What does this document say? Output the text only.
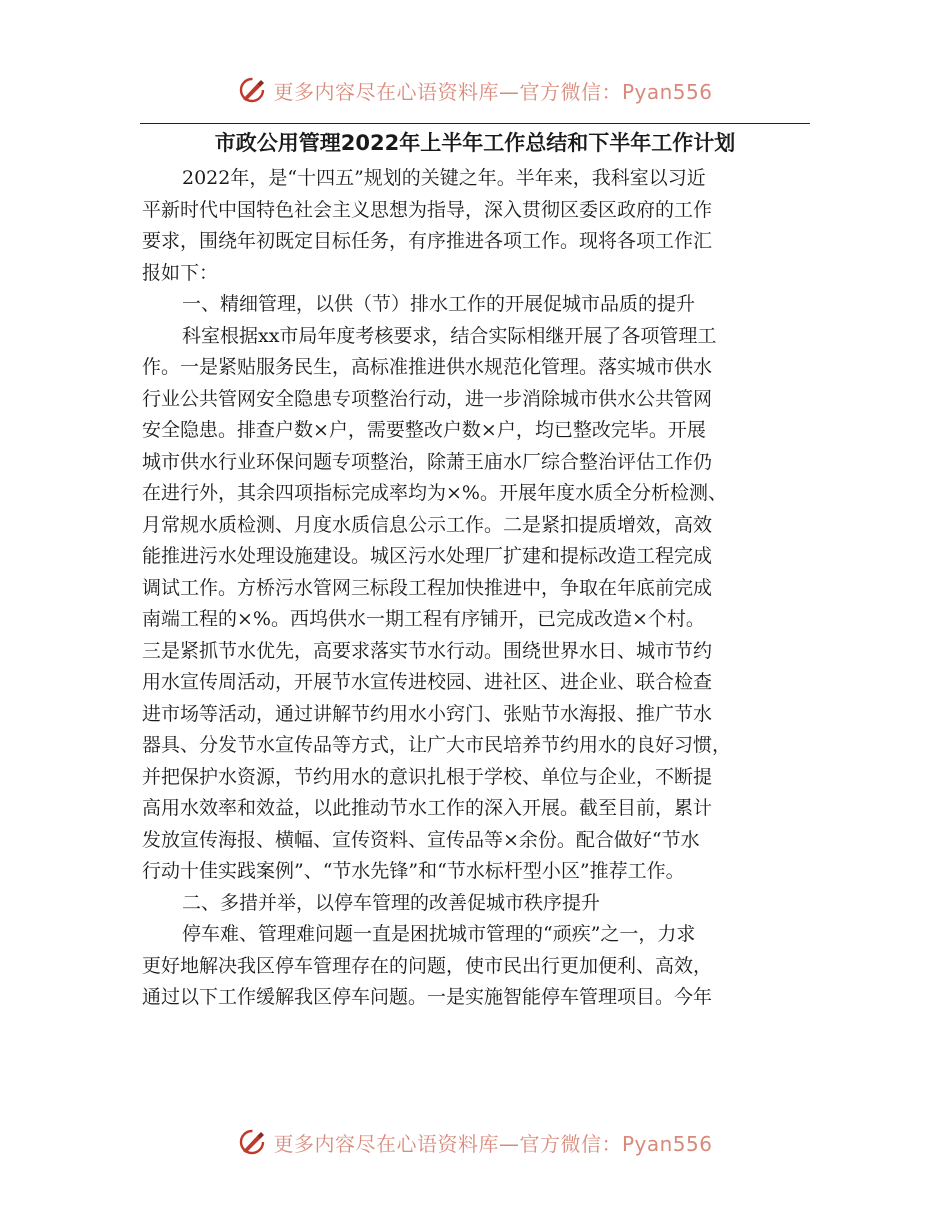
更多内容尽在心语资料库—官方微信：Pyan556
市政公用管理2022年上半年工作总结和下半年工作计划
2022年，是“十四五”规划的关键之年。半年来，我科室以习近
平新时代中国特色社会主义思想为指导，深入贯彻区委区政府的工作
要求，围绕年初既定目标任务，有序推进各项工作。现将各项工作汇
报如下：
一、精细管理，以供（节）排水工作的开展促城市品质的提升
科室根据xx市局年度考核要求，结合实际相继开展了各项管理工
作。一是紧贴服务民生，高标准推进供水规范化管理。落实城市供水
行业公共管网安全隐患专项整治行动，进一步消除城市供水公共管网
安全隐患。排查户数×户，需要整改户数×户，均已整改完毕。开展
城市供水行业环保问题专项整治，除萧王庙水厂综合整治评估工作仍
在进行外，其余四项指标完成率均为×%。开展年度水质全分析检测、
月常规水质检测、月度水质信息公示工作。二是紧扣提质增效，高效
能推进污水处理设施建设。城区污水处理厂扩建和提标改造工程完成
调试工作。方桥污水管网三标段工程加快推进中，争取在年底前完成
南端工程的×%。西坞供水一期工程有序铺开，已完成改造×个村。
三是紧抓节水优先，高要求落实节水行动。围绕世界水日、城市节约
用水宣传周活动，开展节水宣传进校园、进社区、进企业、联合检查
进市场等活动，通过讲解节约用水小窍门、张贴节水海报、推广节水
器具、分发节水宣传品等方式，让广大市民培养节约用水的良好习惯，
并把保护水资源，节约用水的意识扎根于学校、单位与企业，不断提
高用水效率和效益，以此推动节水工作的深入开展。截至目前，累计
发放宣传海报、横幅、宣传资料、宣传品等×余份。配合做好“节水
行动十佳实践案例”、“节水先锋”和“节水标杆型小区”推荐工作。
二、多措并举，以停车管理的改善促城市秩序提升
停车难、管理难问题一直是困扰城市管理的“顽疾”之一，力求
更好地解决我区停车管理存在的问题，使市民出行更加便利、高效，
通过以下工作缓解我区停车问题。一是实施智能停车管理项目。今年
更多内容尽在心语资料库—官方微信：Pyan556
